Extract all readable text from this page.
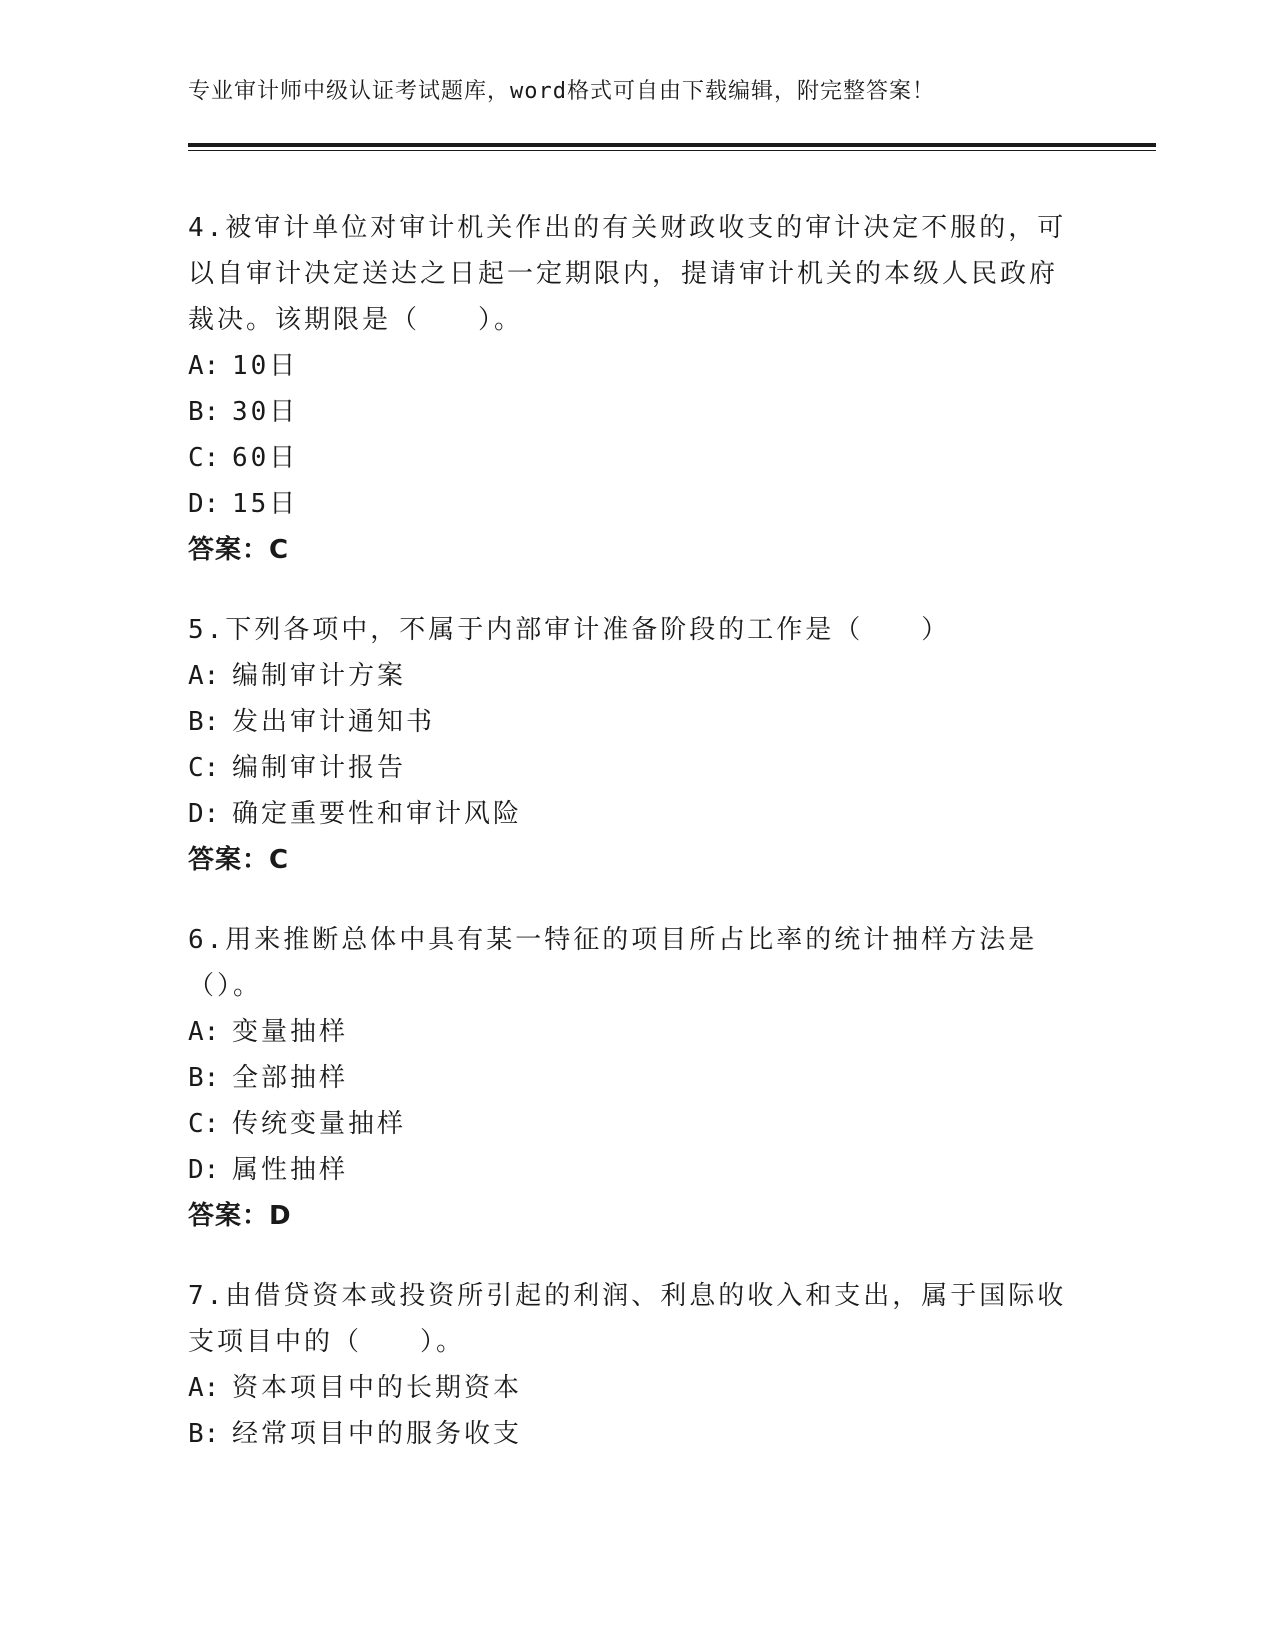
专业审计师中级认证考试题库，word格式可自由下载编辑，附完整答案！
4.被审计单位对审计机关作出的有关财政收支的审计决定不服的，可以自审计决定送达之日起一定期限内，提请审计机关的本级人民政府裁决。该期限是（　　）。
A: 10日
B: 30日
C: 60日
D: 15日
答案：C
5.下列各项中，不属于内部审计准备阶段的工作是（　　）
A: 编制审计方案
B: 发出审计通知书
C: 编制审计报告
D: 确定重要性和审计风险
答案：C
6.用来推断总体中具有某一特征的项目所占比率的统计抽样方法是（）。
A: 变量抽样
B: 全部抽样
C: 传统变量抽样
D: 属性抽样
答案：D
7.由借贷资本或投资所引起的利润、利息的收入和支出，属于国际收支项目中的（　　）。
A: 资本项目中的长期资本
B: 经常项目中的服务收支
